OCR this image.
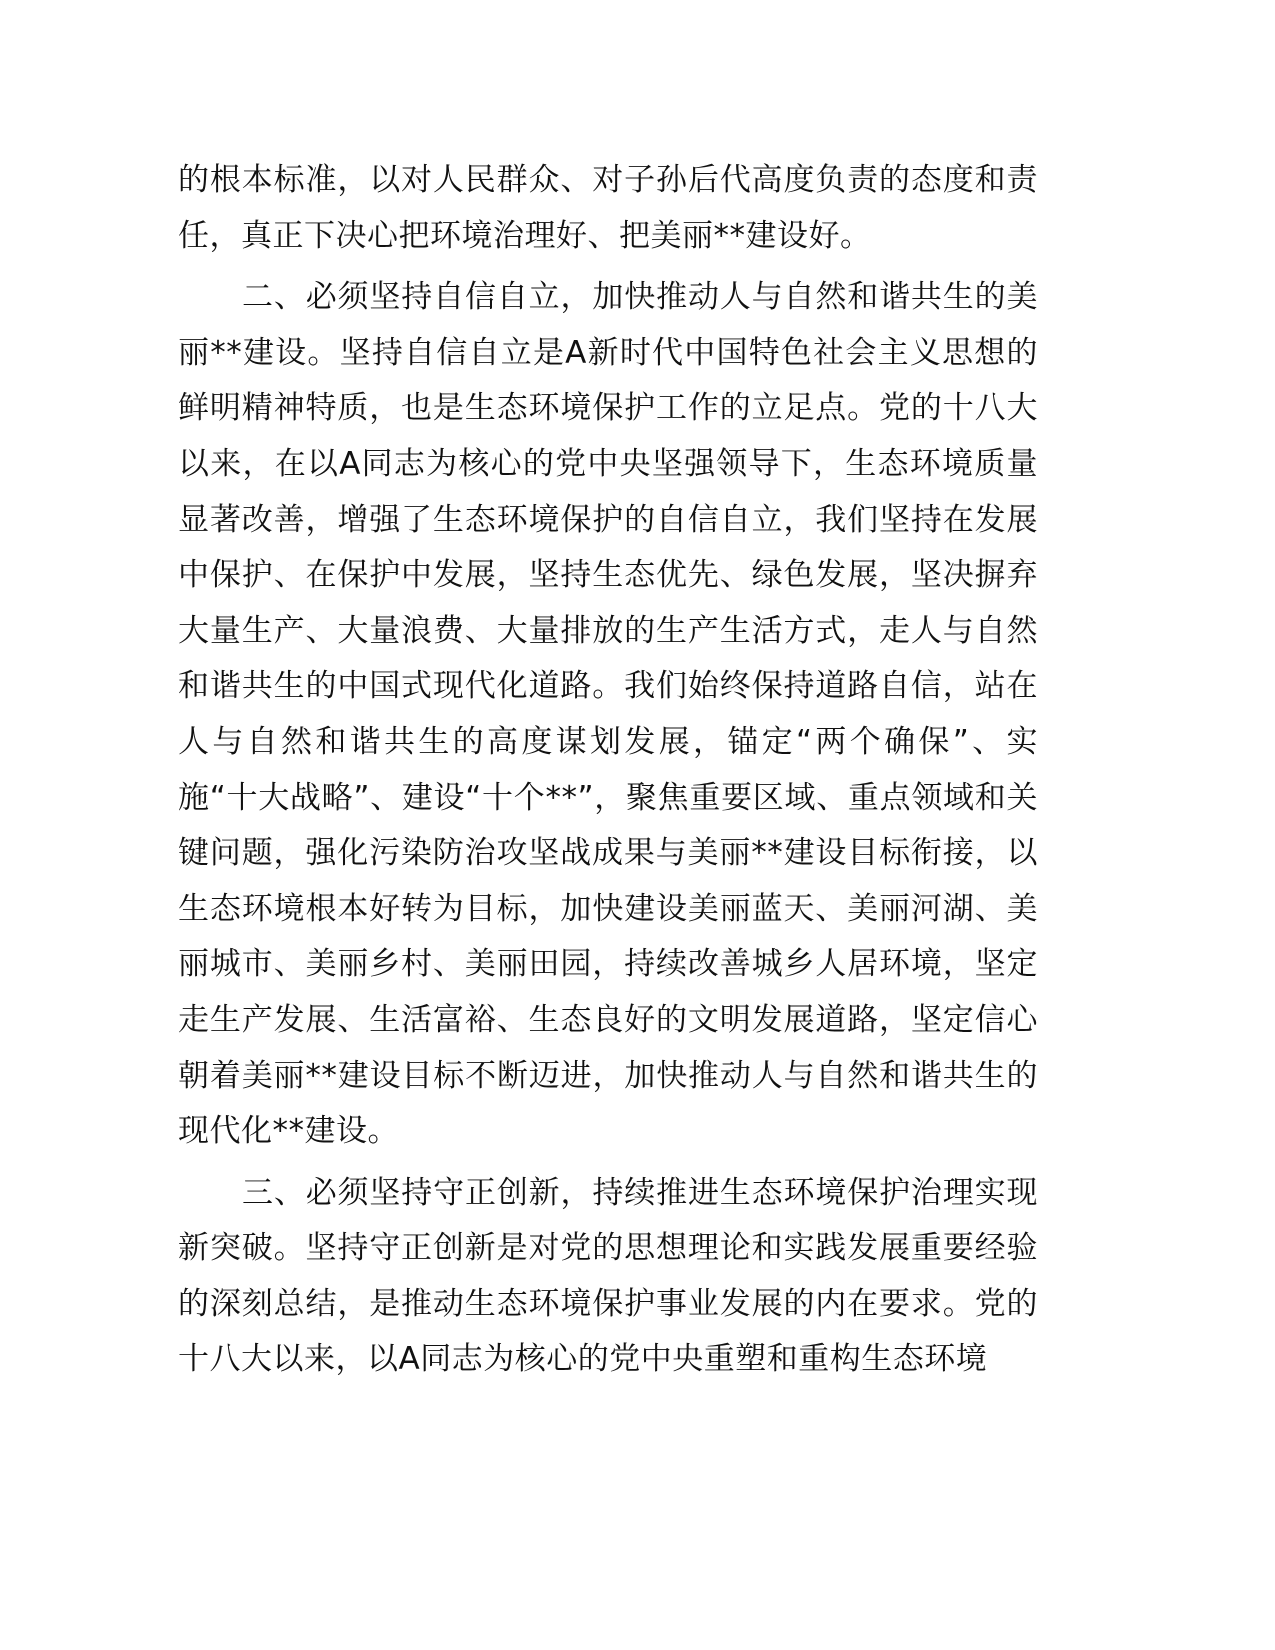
的根本标准，以对人民群众、对子孙后代高度负责的态度和责任，真正下决心把环境治理好、把美丽**建设好。

二、必须坚持自信自立，加快推动人与自然和谐共生的美丽**建设。坚持自信自立是A新时代中国特色社会主义思想的鲜明精神特质，也是生态环境保护工作的立足点。党的十八大以来，在以A同志为核心的党中央坚强领导下，生态环境质量显著改善，增强了生态环境保护的自信自立，我们坚持在发展中保护、在保护中发展，坚持生态优先、绿色发展，坚决摒弃大量生产、大量浪费、大量排放的生产生活方式，走人与自然和谐共生的中国式现代化道路。我们始终保持道路自信，站在人与自然和谐共生的高度谋划发展，锚定“两个确保”、实施“十大战略”、建设“十个**”，聚焦重要区域、重点领域和关键问题，强化污染防治攻坚战成果与美丽**建设目标衔接，以生态环境根本好转为目标，加快建设美丽蓝天、美丽河湖、美丽城市、美丽乡村、美丽田园，持续改善城乡人居环境，坚定走生产发展、生活富裕、生态良好的文明发展道路，坚定信心朝着美丽**建设目标不断迈进，加快推动人与自然和谐共生的现代化**建设。

三、必须坚持守正创新，持续推进生态环境保护治理实现新突破。坚持守正创新是对党的思想理论和实践发展重要经验的深刻总结，是推动生态环境保护事业发展的内在要求。党的十八大以来，以A同志为核心的党中央重塑和重构生态环境
